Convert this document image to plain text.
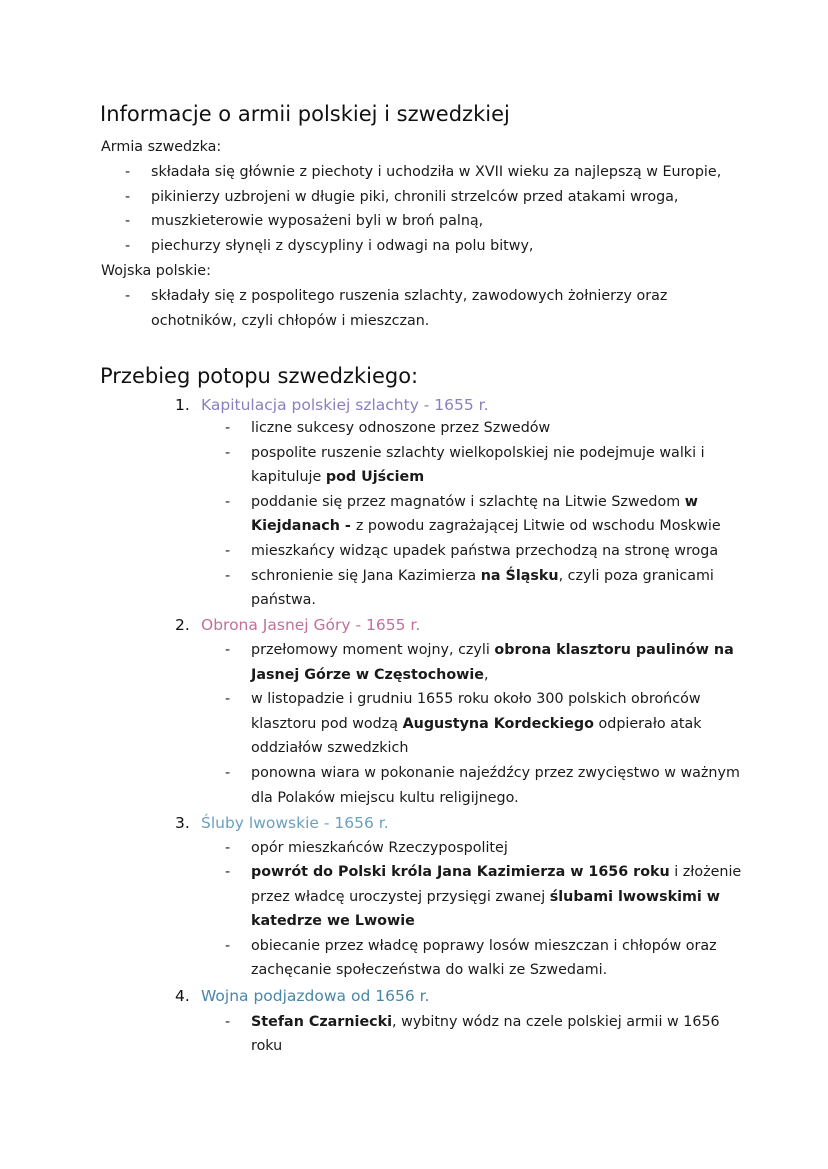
Informacje o armii polskiej i szwedzkiej
Armia szwedzka:
- składała się głównie z piechoty i uchodziła w XVII wieku za najlepszą w Europie,
- pikinierzy uzbrojeni w długie piki, chronili strzelców przed atakami wroga,
- muszkieterowie wyposażeni byli w broń palną,
- piechurzy słynęli z dyscypliny i odwagi na polu bitwy,
Wojska polskie:
- składały się z pospolitego ruszenia szlachty, zawodowych żołnierzy oraz
ochotników, czyli chłopów i mieszczan.
Przebieg potopu szwedzkiego:
1. Kapitulacja polskiej szlachty - 1655 r.
- liczne sukcesy odnoszone przez Szwedów
- pospolite ruszenie szlachty wielkopolskiej nie podejmuje walki i
kapituluje pod Ujściem
- poddanie się przez magnatów i szlachtę na Litwie Szwedom w
Kiejdanach - z powodu zagrażającej Litwie od wschodu Moskwie
- mieszkańcy widząc upadek państwa przechodzą na stronę wroga
- schronienie się Jana Kazimierza na Śląsku, czyli poza granicami
państwa.
2. Obrona Jasnej Góry - 1655 r.
- przełomowy moment wojny, czyli obrona klasztoru paulinów na
Jasnej Górze w Częstochowie,
- w listopadzie i grudniu 1655 roku około 300 polskich obrońców
klasztoru pod wodzą Augustyna Kordeckiego odpierało atak
oddziałów szwedzkich
- ponowna wiara w pokonanie najeźdźcy przez zwycięstwo w ważnym
dla Polaków miejscu kultu religijnego.
3. Śluby lwowskie - 1656 r.
- opór mieszkańców Rzeczypospolitej
- powrót do Polski króla Jana Kazimierza w 1656 roku i złożenie
przez władcę uroczystej przysięgi zwanej ślubami lwowskimi w
katedrze we Lwowie
- obiecanie przez władcę poprawy losów mieszczan i chłopów oraz
zachęcanie społeczeństwa do walki ze Szwedami.
4. Wojna podjazdowa od 1656 r.
- Stefan Czarniecki, wybitny wódz na czele polskiej armii w 1656
roku
